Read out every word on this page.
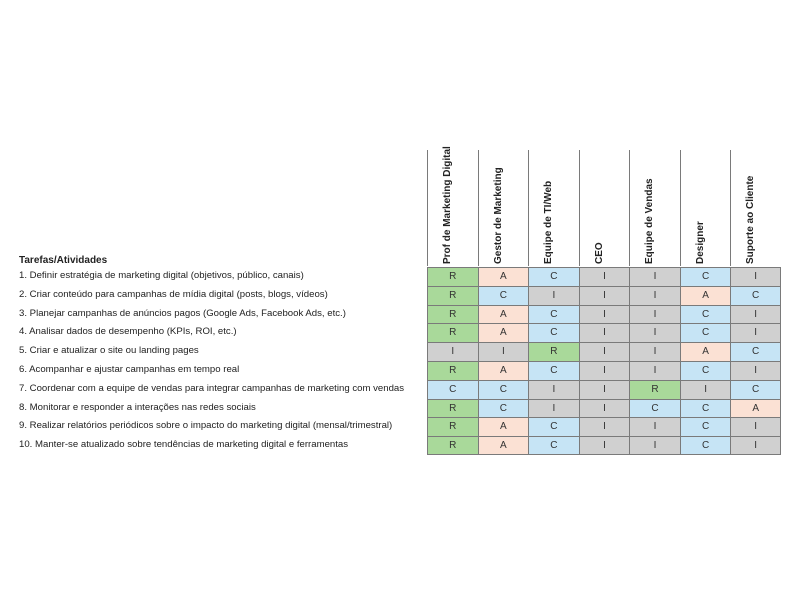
Prof de Marketing Digital	Gestor de Marketing	Equipe de TI/Web	CEO	Equipe de Vendas	Designer	Suporte ao Cliente
Tarefas/Atividades
1. Definir estratégia de marketing digital (objetivos, público, canais)	R	A	C	I	I	C	I
2. Criar conteúdo para campanhas de mídia digital (posts, blogs, vídeos)	R	C	I	I	I	A	C
3. Planejar campanhas de anúncios pagos (Google Ads, Facebook Ads, etc.)	R	A	C	I	I	C	I
4. Analisar dados de desempenho (KPIs, ROI, etc.)	R	A	C	I	I	C	I
5. Criar e atualizar o site ou landing pages	I	I	R	I	I	A	C
6. Acompanhar e ajustar campanhas em tempo real	R	A	C	I	I	C	I
7. Coordenar com a equipe de vendas para integrar campanhas de marketing com vendas	C	C	I	I	R	I	C
8. Monitorar e responder a interações nas redes sociais	R	C	I	I	C	C	A
9. Realizar relatórios periódicos sobre o impacto do marketing digital (mensal/trimestral)	R	A	C	I	I	C	I
10. Manter-se atualizado sobre tendências de marketing digital e ferramentas	R	A	C	I	I	C	I
